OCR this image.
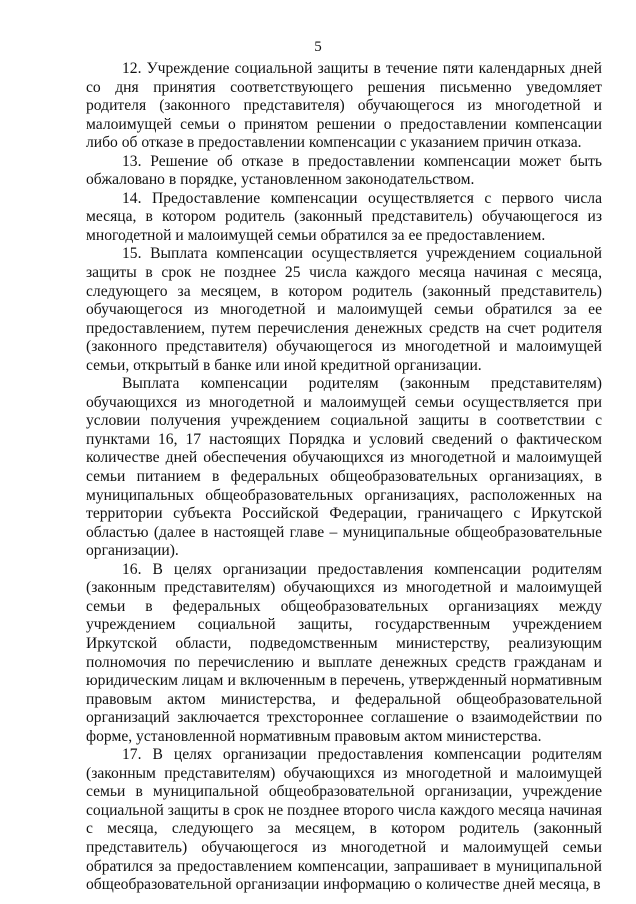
5

12. Учреждение социальной защиты в течение пяти календарных дней со дня принятия соответствующего решения письменно уведомляет родителя (законного представителя) обучающегося из многодетной и малоимущей семьи о принятом решении о предоставлении компенсации либо об отказе в предоставлении компенсации с указанием причин отказа.

13. Решение об отказе в предоставлении компенсации может быть обжаловано в порядке, установленном законодательством.

14. Предоставление компенсации осуществляется с первого числа месяца, в котором родитель (законный представитель) обучающегося из многодетной и малоимущей семьи обратился за ее предоставлением.

15. Выплата компенсации осуществляется учреждением социальной защиты в срок не позднее 25 числа каждого месяца начиная с месяца, следующего за месяцем, в котором родитель (законный представитель) обучающегося из многодетной и малоимущей семьи обратился за ее предоставлением, путем перечисления денежных средств на счет родителя (законного представителя) обучающегося из многодетной и малоимущей семьи, открытый в банке или иной кредитной организации.

Выплата компенсации родителям (законным представителям) обучающихся из многодетной и малоимущей семьи осуществляется при условии получения учреждением социальной защиты в соответствии с пунктами 16, 17 настоящих Порядка и условий сведений о фактическом количестве дней обеспечения обучающихся из многодетной и малоимущей семьи питанием в федеральных общеобразовательных организациях, в муниципальных общеобразовательных организациях, расположенных на территории субъекта Российской Федерации, граничащего с Иркутской областью (далее в настоящей главе – муниципальные общеобразовательные организации).

16. В целях организации предоставления компенсации родителям (законным представителям) обучающихся из многодетной и малоимущей семьи в федеральных общеобразовательных организациях между учреждением социальной защиты, государственным учреждением Иркутской области, подведомственным министерству, реализующим полномочия по перечислению и выплате денежных средств гражданам и юридическим лицам и включенным в перечень, утвержденный нормативным правовым актом министерства, и федеральной общеобразовательной организаций заключается трехстороннее соглашение о взаимодействии по форме, установленной нормативным правовым актом министерства.

17. В целях организации предоставления компенсации родителям (законным представителям) обучающихся из многодетной и малоимущей семьи в муниципальной общеобразовательной организации, учреждение социальной защиты в срок не позднее второго числа каждого месяца начиная с месяца, следующего за месяцем, в котором родитель (законный представитель) обучающегося из многодетной и малоимущей семьи обратился за предоставлением компенсации, запрашивает в муниципальной общеобразовательной организации информацию о количестве дней месяца, в
